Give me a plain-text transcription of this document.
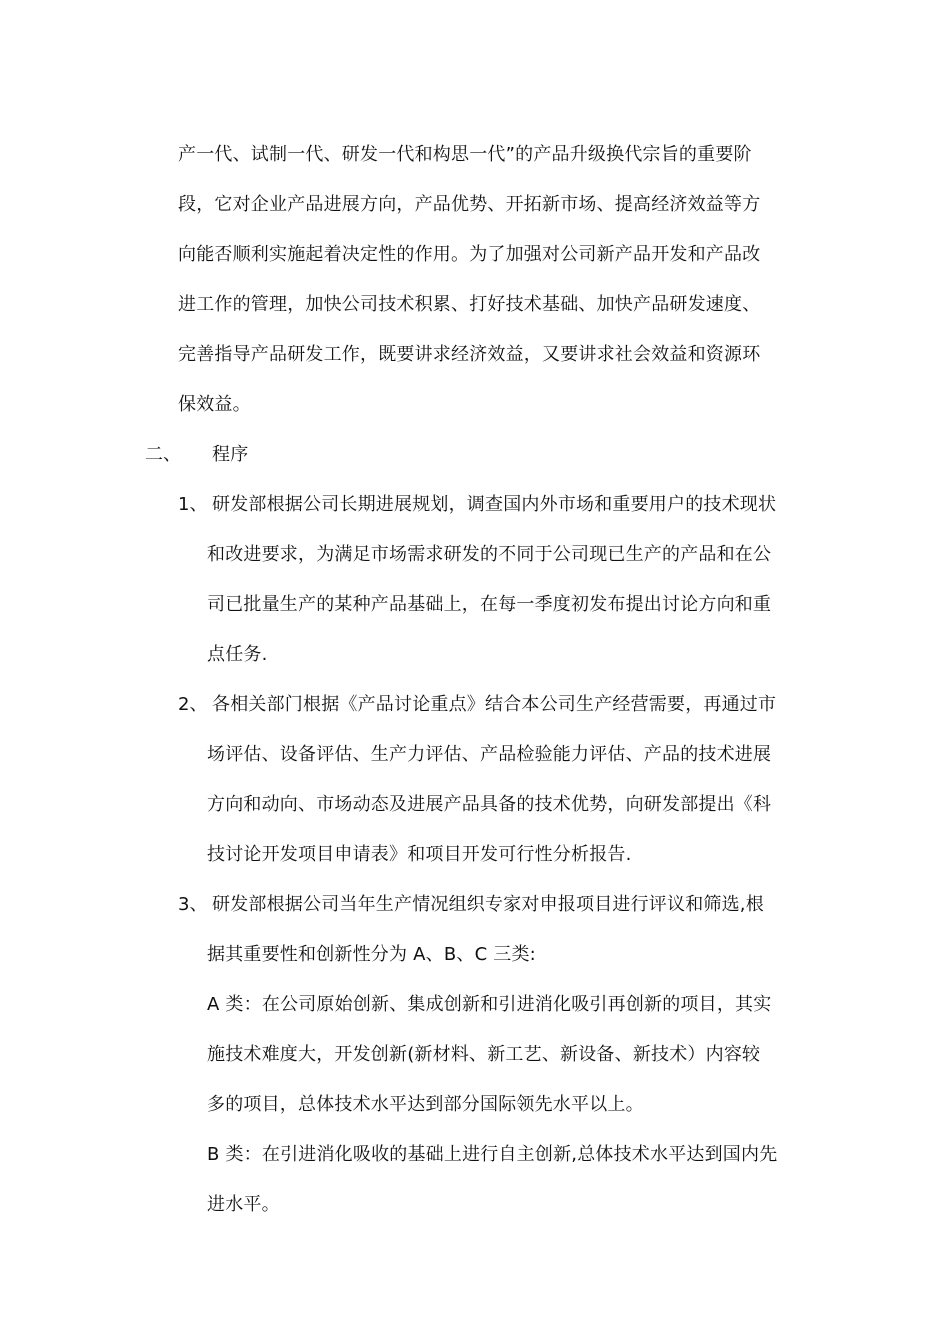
产一代、试制一代、研发一代和构思一代”的产品升级换代宗旨的重要阶
段，它对企业产品进展方向，产品优势、开拓新市场、提高经济效益等方
向能否顺利实施起着决定性的作用。为了加强对公司新产品开发和产品改
进工作的管理，加快公司技术积累、打好技术基础、加快产品研发速度、
完善指导产品研发工作，既要讲求经济效益，又要讲求社会效益和资源环
保效益。
二、 程序
1、 研发部根据公司长期进展规划，调查国内外市场和重要用户的技术现状
和改进要求，为满足市场需求研发的不同于公司现已生产的产品和在公
司已批量生产的某种产品基础上，在每一季度初发布提出讨论方向和重
点任务.
2、 各相关部门根据《产品讨论重点》结合本公司生产经营需要，再通过市
场评估、设备评估、生产力评估、产品检验能力评估、产品的技术进展
方向和动向、市场动态及进展产品具备的技术优势，向研发部提出《科
技讨论开发项目申请表》和项目开发可行性分析报告.
3、 研发部根据公司当年生产情况组织专家对申报项目进行评议和筛选,根
据其重要性和创新性分为 A、B、C 三类:
A 类：在公司原始创新、集成创新和引进消化吸引再创新的项目，其实
施技术难度大，开发创新(新材料、新工艺、新设备、新技术）内容较
多的项目，总体技术水平达到部分国际领先水平以上。
B 类：在引进消化吸收的基础上进行自主创新,总体技术水平达到国内先
进水平。
